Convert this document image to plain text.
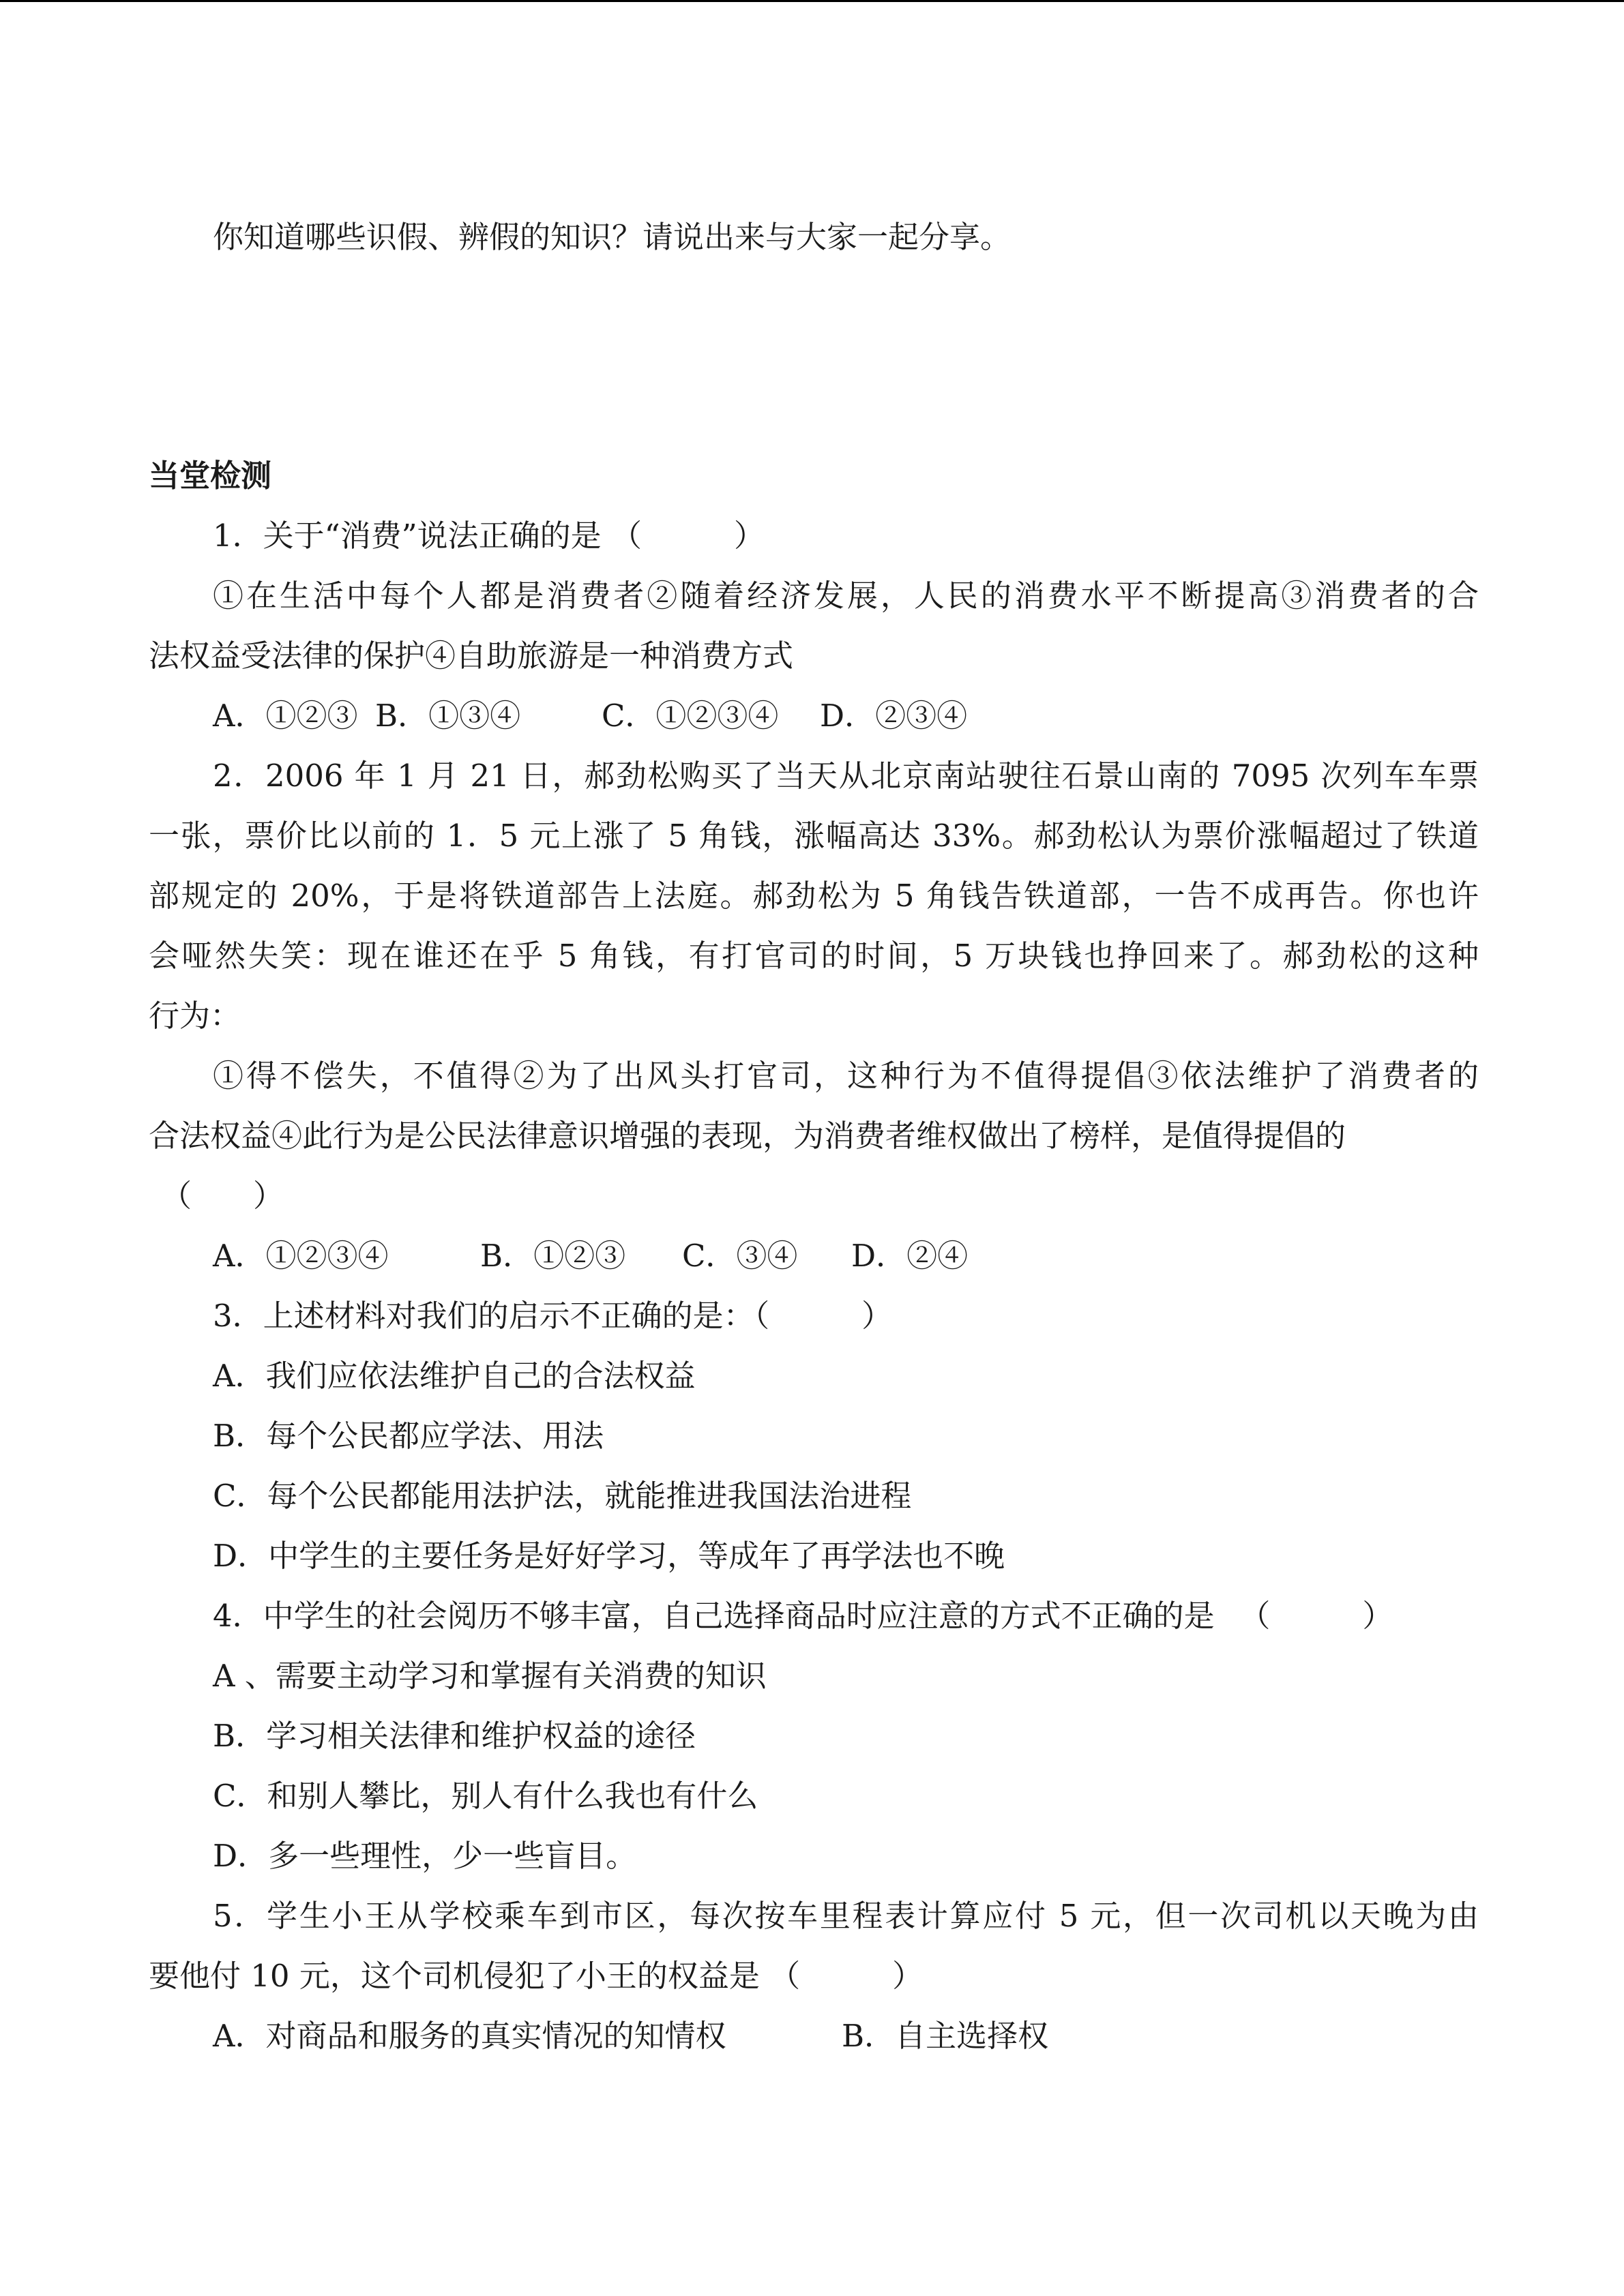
你知道哪些识假、辨假的知识？请说出来与大家一起分享。
当堂检测
1．关于“消费”说法正确的是 （　　　）
①在生活中每个人都是消费者②随着经济发展，人民的消费水平不断提高③消费者的合
法权益受法律的保护④自助旅游是一种消费方式
A．①②③ B．①③④	C．①②③④ D．②③④
2．2006 年 1 月 21 日，郝劲松购买了当天从北京南站驶往石景山南的 7095 次列车车票
一张，票价比以前的 1．5 元上涨了 5 角钱，涨幅高达 33%。郝劲松认为票价涨幅超过了铁道
部规定的 20%，于是将铁道部告上法庭。郝劲松为 5 角钱告铁道部，一告不成再告。你也许
会哑然失笑：现在谁还在乎 5 角钱，有打官司的时间，5 万块钱也挣回来了。郝劲松的这种
行为：
①得不偿失，不值得②为了出风头打官司，这种行为不值得提倡③依法维护了消费者的
合法权益④此行为是公民法律意识增强的表现，为消费者维权做出了榜样，是值得提倡的
（　　）
A．①②③④	B．①②③ C．③④ D．②④
3．上述材料对我们的启示不正确的是：（　　　）
A．我们应依法维护自己的合法权益
B．每个公民都应学法、用法
C．每个公民都能用法护法，就能推进我国法治进程
D．中学生的主要任务是好好学习，等成年了再学法也不晚
4．中学生的社会阅历不够丰富，自己选择商品时应注意的方式不正确的是 　（　　　）
A 、需要主动学习和掌握有关消费的知识
B．学习相关法律和维护权益的途径
C．和别人攀比，别人有什么我也有什么
D．多一些理性，少一些盲目。
5．学生小王从学校乘车到市区，每次按车里程表计算应付 5 元，但一次司机以天晚为由
要他付 10 元，这个司机侵犯了小王的权益是 （　　　）
A．对商品和服务的真实情况的知情权	B．自主选择权
